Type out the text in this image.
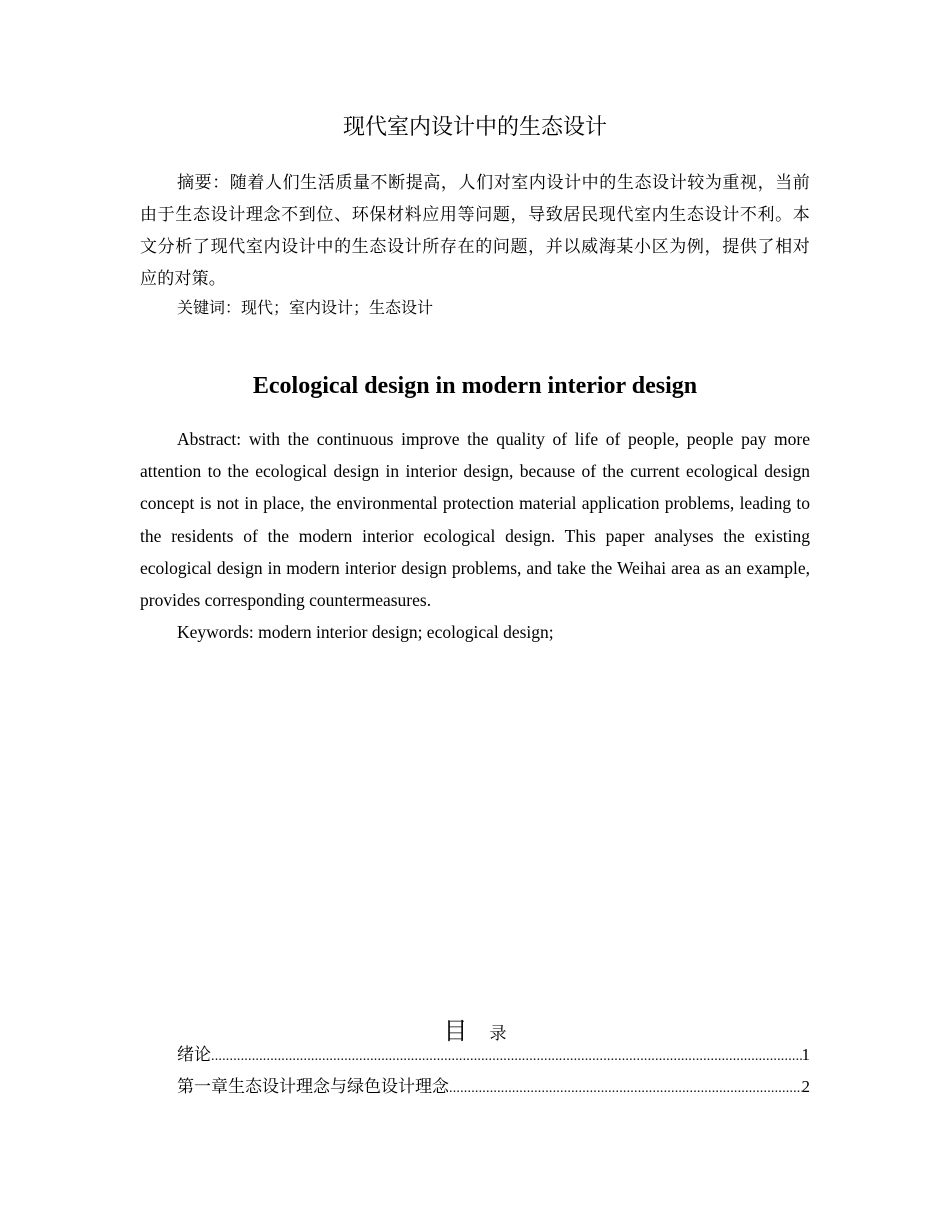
现代室内设计中的生态设计

摘要：随着人们生活质量不断提高，人们对室内设计中的生态设计较为重视，当前由于生态设计理念不到位、环保材料应用等问题，导致居民现代室内生态设计不利。本文分析了现代室内设计中的生态设计所存在的问题，并以威海某小区为例，提供了相对应的对策。

关键词：现代；室内设计；生态设计

Ecological design in modern interior design

Abstract: with the continuous improve the quality of life of people, people pay more attention to the ecological design in interior design, because of the current ecological design concept is not in place, the environmental protection material application problems, leading to the residents of the modern interior ecological design. This paper analyses the existing ecological design in modern interior design problems, and take the Weihai area as an example, provides corresponding countermeasures.

Keywords: modern interior design; ecological design;

目 录
绪论 .....	1
第一章生态设计理念与绿色设计理念 .....	2
